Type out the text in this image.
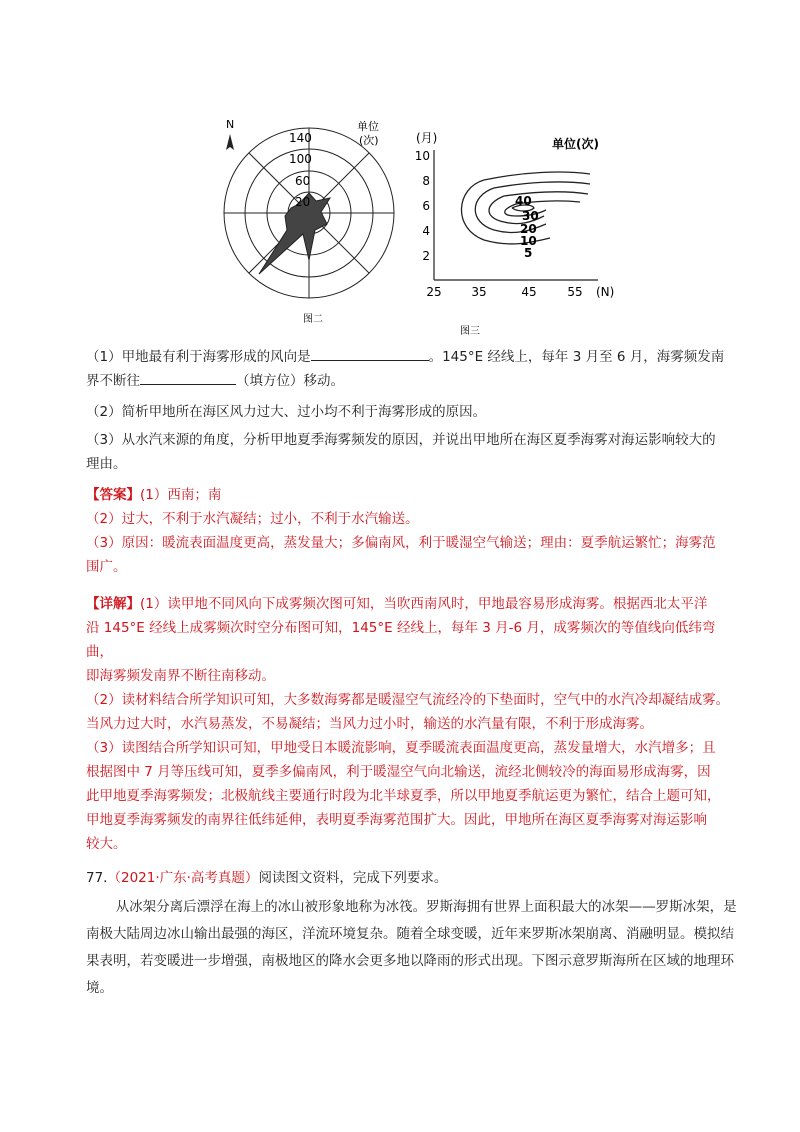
N
140
100
60
20
单位
(次)
图二
(月)	单位(次)
10
8
6
4
2
25 35	45	55 (N)
40
30
20
10
5
图三

（1）甲地最有利于海雾形成的风向是	。145°E 经线上，每年 3 月至 6 月，海雾频发南
界不断往	（填方位）移动。

（2）简析甲地所在海区风力过大、过小均不利于海雾形成的原因。

（3）从水汽来源的角度，分析甲地夏季海雾频发的原因，并说出甲地所在海区夏季海雾对海运影响较大的
理由。

【答案】(1）西南；南
（2）过大，不利于水汽凝结；过小，不利于水汽输送。
（3）原因：暖流表面温度更高，蒸发量大；多偏南风，利于暖湿空气输送；理由：夏季航运繁忙；海雾范
围广。

【详解】(1）读甲地不同风向下成雾频次图可知，当吹西南风时，甲地最容易形成海雾。根据西北太平洋
沿 145°E 经线上成雾频次时空分布图可知，145°E 经线上，每年 3 月-6 月，成雾频次的等值线向低纬弯曲，
即海雾频发南界不断往南移动。
（2）读材料结合所学知识可知，大多数海雾都是暖湿空气流经冷的下垫面时，空气中的水汽冷却凝结成雾。
当风力过大时，水汽易蒸发，不易凝结；当风力过小时，输送的水汽量有限，不利于形成海雾。
（3）读图结合所学知识可知，甲地受日本暖流影响，夏季暖流表面温度更高，蒸发量增大，水汽增多；且
根据图中 7 月等压线可知，夏季多偏南风，利于暖湿空气向北输送，流经北侧较冷的海面易形成海雾，因
此甲地夏季海雾频发；北极航线主要通行时段为北半球夏季，所以甲地夏季航运更为繁忙，结合上题可知，
甲地夏季海雾频发的南界往低纬延伸，表明夏季海雾范围扩大。因此，甲地所在海区夏季海雾对海运影响
较大。

77.（2021·广东·高考真题）阅读图文资料，完成下列要求。

从冰架分离后漂浮在海上的冰山被形象地称为冰筏。罗斯海拥有世界上面积最大的冰架——罗斯冰架，是南极大陆周边冰山输出最强的海区，洋流环境复杂。随着全球变暖，近年来罗斯冰架崩离、消融明显。模拟结果表明，若变暖进一步增强，南极地区的降水会更多地以降雨的形式出现。下图示意罗斯海所在区域的地理环境。
